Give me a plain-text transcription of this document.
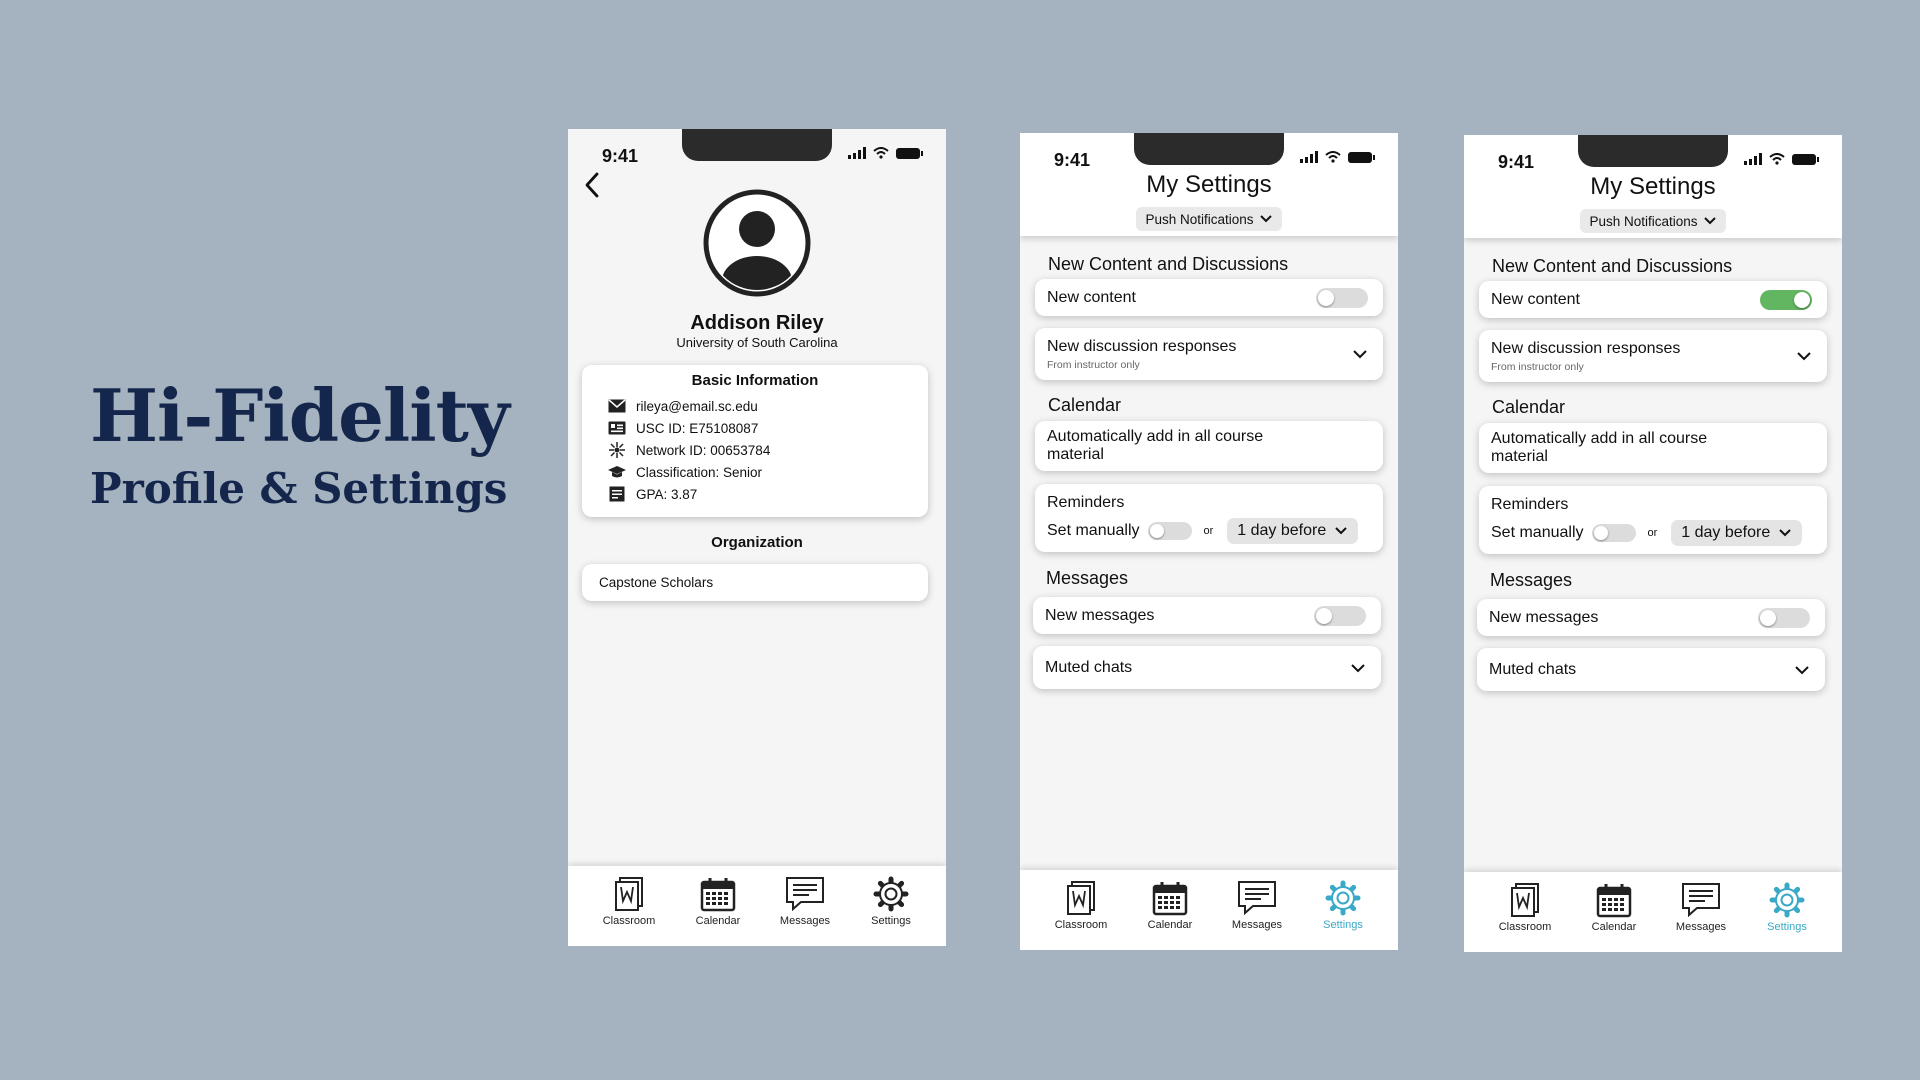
Hi-Fidelity
Profile & Settings
9:41
Addison Riley
University of South Carolina
Basic Information
rileya@email.sc.edu
USC ID: E75108087
Network ID: 00653784
Classification: Senior
GPA: 3.87
Organization
Capstone Scholars
Classroom	Calendar	Messages	Settings
9:41
My Settings
Push Notifications
New Content and Discussions
New content
New discussion responses
From instructor only
Calendar
Automatically add in all course
material
Reminders
Set manually	or 1 day before
Messages
New messages
Muted chats
Classroom	Calendar	Messages	Settings
9:41
My Settings
Push Notifications
New Content and Discussions
New content
New discussion responses
From instructor only
Calendar
Automatically add in all course
material
Reminders
Set manually	or 1 day before
Messages
New messages
Muted chats
Classroom	Calendar	Messages	Settings
